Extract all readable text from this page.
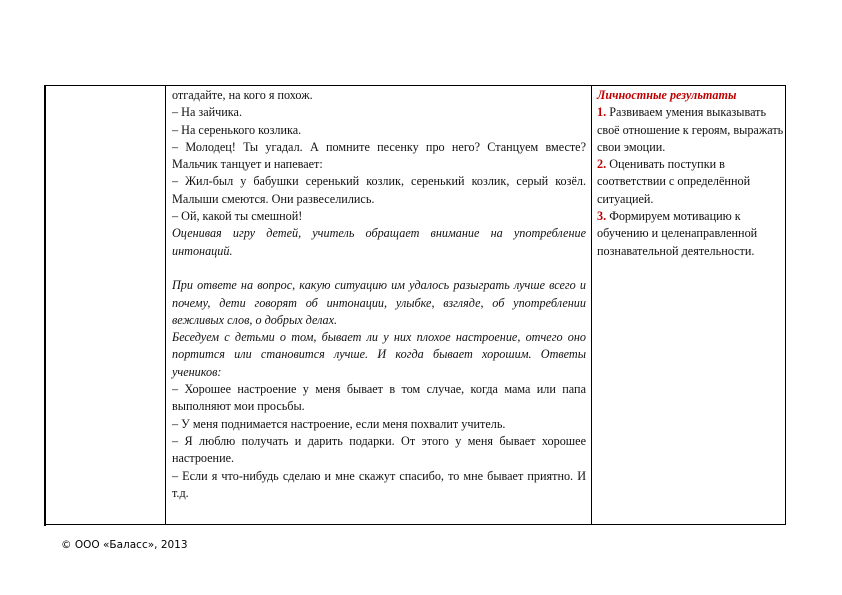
отгадайте, на кого я похож.

– На зайчика.

– На серенького козлика.

– Молодец! Ты угадал. А помните песенку про него? Станцуем вместе?

Мальчик танцует и напевает:

– Жил-был у бабушки серенький козлик, серенький козлик, серый козёл.

Малыши смеются. Они развеселились.

– Ой, какой ты смешной!

Оценивая игру детей, учитель обращает внимание на употребление интонаций.

При ответе на вопрос, какую ситуацию им удалось разыграть лучше всего и почему, дети говорят об интонации, улыбке, взгляде, об употреблении вежливых слов, о добрых делах.

Беседуем с детьми о том, бывает ли у них плохое настроение, отчего оно портится или становится лучше. И когда бывает хорошим. Ответы учеников:

– Хорошее настроение у меня бывает в том случае, когда мама или папа выполняют мои просьбы.

– У меня поднимается настроение, если меня похвалит учитель.

– Я люблю получать и дарить подарки. От этого у меня бывает хорошее настроение.

– Если я что-нибудь сделаю и мне скажут спасибо, то мне бывает приятно. И т.д.

Личностные результаты

1. Развиваем умения выказывать своё отношение к героям, выражать свои эмоции.

2. Оценивать поступки в соответствии с определённой ситуацией.

3. Формируем мотивацию к обучению и целенаправленной познавательной деятельности.

© ООО «Баласс», 2013
